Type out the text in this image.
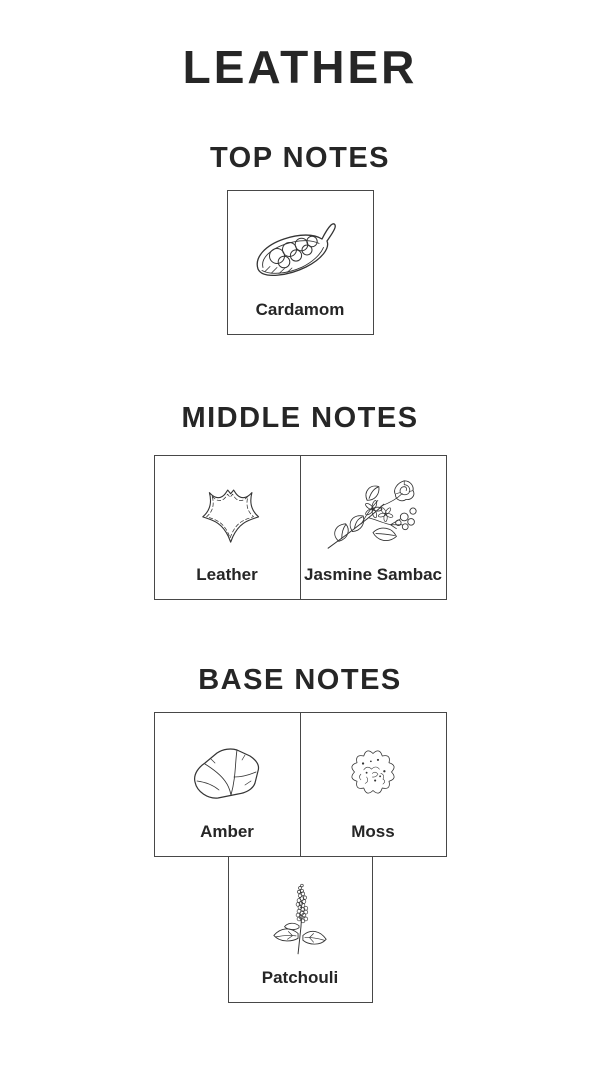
LEATHER
TOP NOTES
Cardamom
MIDDLE NOTES
Leather	Jasmine Sambac
BASE NOTES
Amber	Moss
Patchouli
